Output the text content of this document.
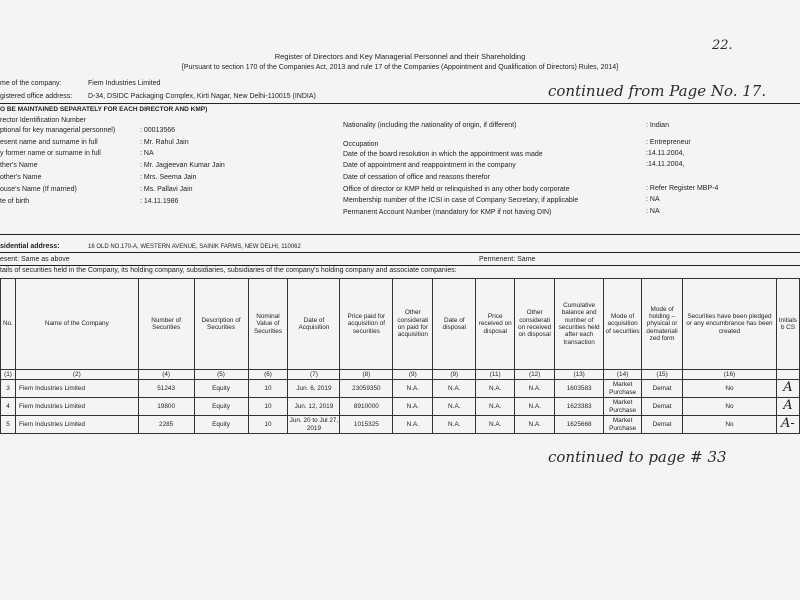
Register of Directors and Key Managerial Personnel and their Shareholding
[Pursuant to section 170 of the Companies Act, 2013 and rule 17 of the Companies (Appointment and Qualification of Directors) Rules, 2014]
22.
me of the company:	Fiem Industries Limited
gistered office address: D-34, DSIDC Packaging Complex, Kirti Nagar, New Delhi-110015 (INDIA)
O BE MAINTAINED SEPARATELY FOR EACH DIRECTOR AND KMP)
continued from Page No. 17.
rector Identification Number
ptional for key managerial personnel)	: 00013566
esent name and surname in full	: Mr. Rahul Jain
y former name or surname in full	: NA
ther's Name	: Mr. Jagjeevan Kumar Jain
other's Name	: Mrs. Seema Jain
ouse's Name (If married)	: Ms. Pallavi Jain
te of birth	: 14.11.1986
Nationality (including the nationality of origin, if different)	: Indian
Occupation	: Entrepreneur
Date of the board resolution in which the appointment was made	:14.11.2004,
Date of appointment and reappointment in the company	:14.11.2004,
Date of cessation of office and reasons therefor
Office of director or KMP held or relinquished in any other body corporate	: Refer Register MBP-4
Membership number of the ICSI in case of Company Secretary, if applicable	: NA
Permanent Account Number (mandatory for KMP if not having DIN)	: NA
sidential address:	16 OLD NO.170-A, WESTERN AVENUE, SAINIK FARMS, NEW DELHI, 110062
esent: Same as above	Permenent: Same
tails of securities held in the Company, its holding company, subsidiaries, subsidiaries of the company's holding company and associate companies:
No.	Name of the Company	Number of Securities	Description of Securities	Nominal Value of Securities	Date of Acquisition	Price paid for acquisition of securities	Other considerati on paid for acquisition	Date of disposal	Price received on disposal	Other considerati on received on disposal	Cumulative balance and number of securities held after each transaction	Mode of acquisition of securities	Mode of holding – physical or demateriali zed form	Securities have been pledged or any encumbrance has been created	Initials b CS
(1)	(2)	(4)	(5)	(6)	(7)	(8)	(9)	(9)	(11)	(12)	(13)	(14)	(15)	(16)	
3	Fiem Industries Limited	51243	Equity	10	Jun. 6, 2019	23059350	N.A.	N.A.	N.A.	N.A.	1603583	Market Purchase	Demat	No	A
4	Fiem Industries Limited	19800	Equity	10	Jun. 12, 2019	8910000	N.A.	N.A.	N.A.	N.A.	1623383	Market Purchase	Demat	No	A
5	Fiem Industries Limited	2285	Equity	10	Jun. 20 to Jul 27, 2019	1015325	N.A.	N.A.	N.A.	N.A.	1625668	Market Purchase	Demat	No	A-
continued to page # 33
